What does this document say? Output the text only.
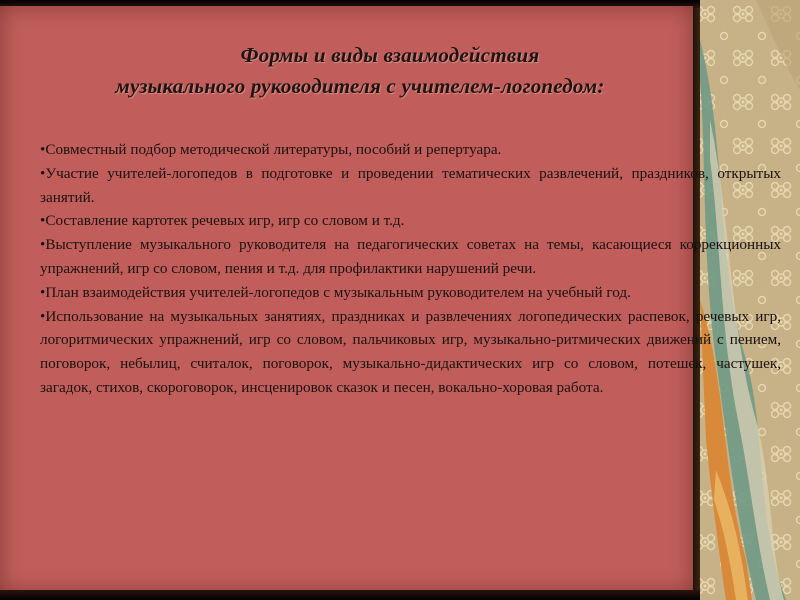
Формы и виды взаимодействия
музыкального руководителя с учителем-логопедом:
•Совместный подбор методической литературы, пособий и репертуара.
•Участие учителей-логопедов в подготовке и проведении тематических развлечений, праздников, открытых занятий.
•Составление картотек речевых игр, игр со словом и т.д.
•Выступление музыкального руководителя на педагогических советах на темы, касающиеся коррекционных упражнений, игр со словом, пения и т.д. для профилактики нарушений речи.
•План взаимодействия учителей-логопедов с музыкальным руководителем на учебный год.
•Использование на музыкальных занятиях, праздниках и развлечениях логопедических распевок, речевых игр, логоритмических упражнений, игр со словом, пальчиковых игр, музыкально-ритмических движений с пением, поговорок, небылиц, считалок, поговорок, музыкально-дидактических игр со словом, потешек, частушек, загадок, стихов, скороговорок, инсценировок сказок и песен, вокально-хоровая работа.
